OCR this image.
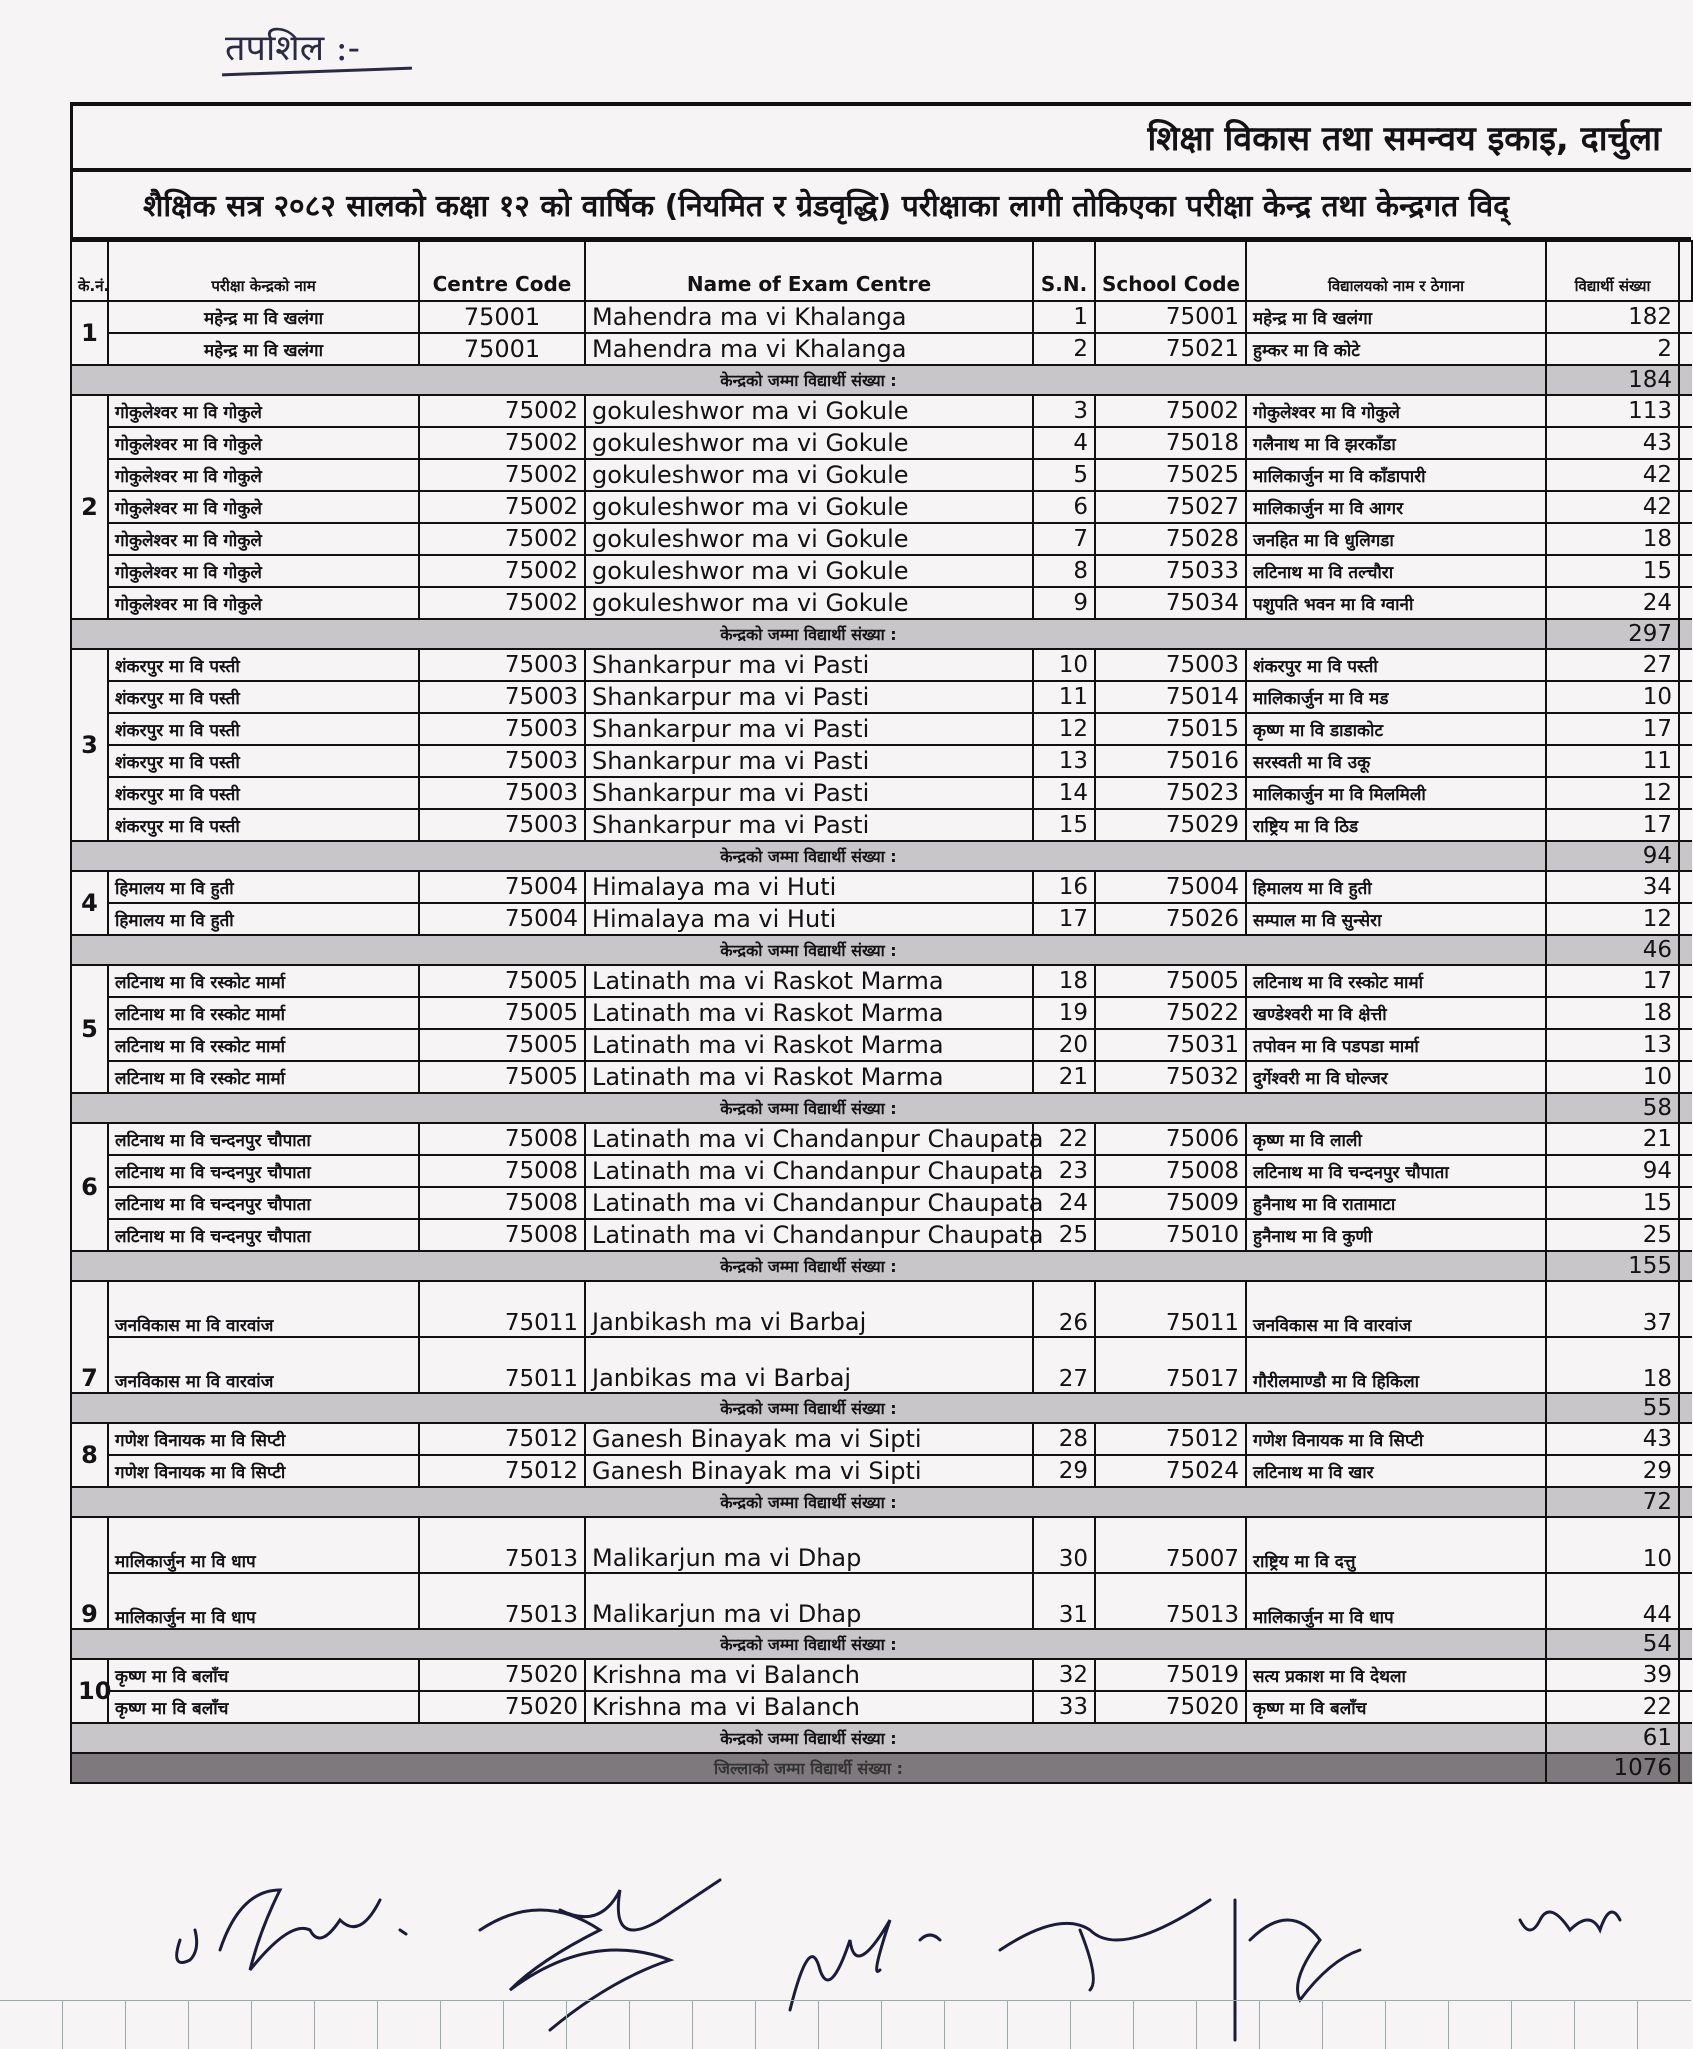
तपशिल :-
शिक्षा विकास तथा समन्वय इकाइ, दार्चुला
शैक्षिक सत्र २०८२ सालको कक्षा १२ को वार्षिक (नियमित र ग्रेडवृद्धि) परीक्षाका लागी तोकिएका परीक्षा केन्द्र तथा केन्द्रगत विद्
के.नं.	परीक्षा केन्द्रको नाम	Centre Code	Name of Exam Centre	S.N.	School Code	विद्यालयको नाम र ठेगाना	विद्यार्थी संख्या	
1	महेन्द्र मा वि खलंगा	75001	Mahendra ma vi Khalanga	1	75001	महेन्द्र मा वि खलंगा	182	
	महेन्द्र मा वि खलंगा	75001	Mahendra ma vi Khalanga	2	75021	हुम्कर मा वि कोटे	2	
केन्द्रको जम्मा विद्यार्थी संख्या :							184	
2	गोकुलेश्वर मा वि गोकुले	75002	gokuleshwor ma vi Gokule	3	75002	गोकुलेश्वर मा वि गोकुले	113	
	गोकुलेश्वर मा वि गोकुले	75002	gokuleshwor ma vi Gokule	4	75018	गलैनाथ मा वि झरकाँडा	43	
	गोकुलेश्वर मा वि गोकुले	75002	gokuleshwor ma vi Gokule	5	75025	मालिकार्जुन मा वि काँडापारी	42	
	गोकुलेश्वर मा वि गोकुले	75002	gokuleshwor ma vi Gokule	6	75027	मालिकार्जुन मा वि आगर	42	
	गोकुलेश्वर मा वि गोकुले	75002	gokuleshwor ma vi Gokule	7	75028	जनहित मा वि धुलिगडा	18	
	गोकुलेश्वर मा वि गोकुले	75002	gokuleshwor ma vi Gokule	8	75033	लटिनाथ मा वि तल्चौरा	15	
	गोकुलेश्वर मा वि गोकुले	75002	gokuleshwor ma vi Gokule	9	75034	पशुपति भवन मा वि ग्वानी	24	
केन्द्रको जम्मा विद्यार्थी संख्या :							297	
3	शंकरपुर मा वि पस्ती	75003	Shankarpur ma vi Pasti	10	75003	शंकरपुर मा वि पस्ती	27	
	शंकरपुर मा वि पस्ती	75003	Shankarpur ma vi Pasti	11	75014	मालिकार्जुन मा वि मड	10	
	शंकरपुर मा वि पस्ती	75003	Shankarpur ma vi Pasti	12	75015	कृष्ण मा वि डाडाकोट	17	
	शंकरपुर मा वि पस्ती	75003	Shankarpur ma vi Pasti	13	75016	सरस्वती मा वि उकू	11	
	शंकरपुर मा वि पस्ती	75003	Shankarpur ma vi Pasti	14	75023	मालिकार्जुन मा वि मिलमिली	12	
	शंकरपुर मा वि पस्ती	75003	Shankarpur ma vi Pasti	15	75029	राष्ट्रिय मा वि ठिड	17	
केन्द्रको जम्मा विद्यार्थी संख्या :							94	
4	हिमालय मा वि हुती	75004	Himalaya ma vi Huti	16	75004	हिमालय मा वि हुती	34	
	हिमालय मा वि हुती	75004	Himalaya ma vi Huti	17	75026	सम्पाल मा वि सुन्सेरा	12	
केन्द्रको जम्मा विद्यार्थी संख्या :							46	
5	लटिनाथ मा वि रस्कोट मार्मा	75005	Latinath ma vi Raskot Marma	18	75005	लटिनाथ मा वि रस्कोट मार्मा	17	
	लटिनाथ मा वि रस्कोट मार्मा	75005	Latinath ma vi Raskot Marma	19	75022	खण्डेश्वरी मा वि क्षेत्ती	18	
	लटिनाथ मा वि रस्कोट मार्मा	75005	Latinath ma vi Raskot Marma	20	75031	तपोवन मा वि पडपडा मार्मा	13	
	लटिनाथ मा वि रस्कोट मार्मा	75005	Latinath ma vi Raskot Marma	21	75032	दुर्गेश्वरी मा वि घोल्जर	10	
केन्द्रको जम्मा विद्यार्थी संख्या :							58	
6	लटिनाथ मा वि चन्दनपुर चौपाता	75008	Latinath ma vi Chandanpur Chaupata	22	75006	कृष्ण मा वि लाली	21	
	लटिनाथ मा वि चन्दनपुर चौपाता	75008	Latinath ma vi Chandanpur Chaupata	23	75008	लटिनाथ मा वि चन्दनपुर चौपाता	94	
	लटिनाथ मा वि चन्दनपुर चौपाता	75008	Latinath ma vi Chandanpur Chaupata	24	75009	हुनैनाथ मा वि रातामाटा	15	
	लटिनाथ मा वि चन्दनपुर चौपाता	75008	Latinath ma vi Chandanpur Chaupata	25	75010	हुनैनाथ मा वि कुणी	25	
केन्द्रको जम्मा विद्यार्थी संख्या :							155	
7	जनविकास मा वि वारवांज	75011	Janbikash ma vi Barbaj	26	75011	जनविकास मा वि वारवांज	37	
	जनविकास मा वि वारवांज	75011	Janbikas ma vi Barbaj	27	75017	गौरीलमाण्डौ मा वि हिकिला	18	
केन्द्रको जम्मा विद्यार्थी संख्या :							55	
8	गणेश विनायक मा वि सिप्टी	75012	Ganesh Binayak ma vi Sipti	28	75012	गणेश विनायक मा वि सिप्टी	43	
	गणेश विनायक मा वि सिप्टी	75012	Ganesh Binayak ma vi Sipti	29	75024	लटिनाथ मा वि खार	29	
केन्द्रको जम्मा विद्यार्थी संख्या :							72	
9	मालिकार्जुन मा वि धाप	75013	Malikarjun ma vi Dhap	30	75007	राष्ट्रिय मा वि दत्तु	10	
	मालिकार्जुन मा वि धाप	75013	Malikarjun ma vi Dhap	31	75013	मालिकार्जुन मा वि धाप	44	
केन्द्रको जम्मा विद्यार्थी संख्या :							54	
10	कृष्ण मा वि बलाँच	75020	Krishna ma vi Balanch	32	75019	सत्य प्रकाश मा वि देथला	39	
	कृष्ण मा वि बलाँच	75020	Krishna ma vi Balanch	33	75020	कृष्ण मा वि बलाँच	22	
केन्द्रको जम्मा विद्यार्थी संख्या :							61	
जिल्लाको जम्मा विद्यार्थी संख्या :							1076	
